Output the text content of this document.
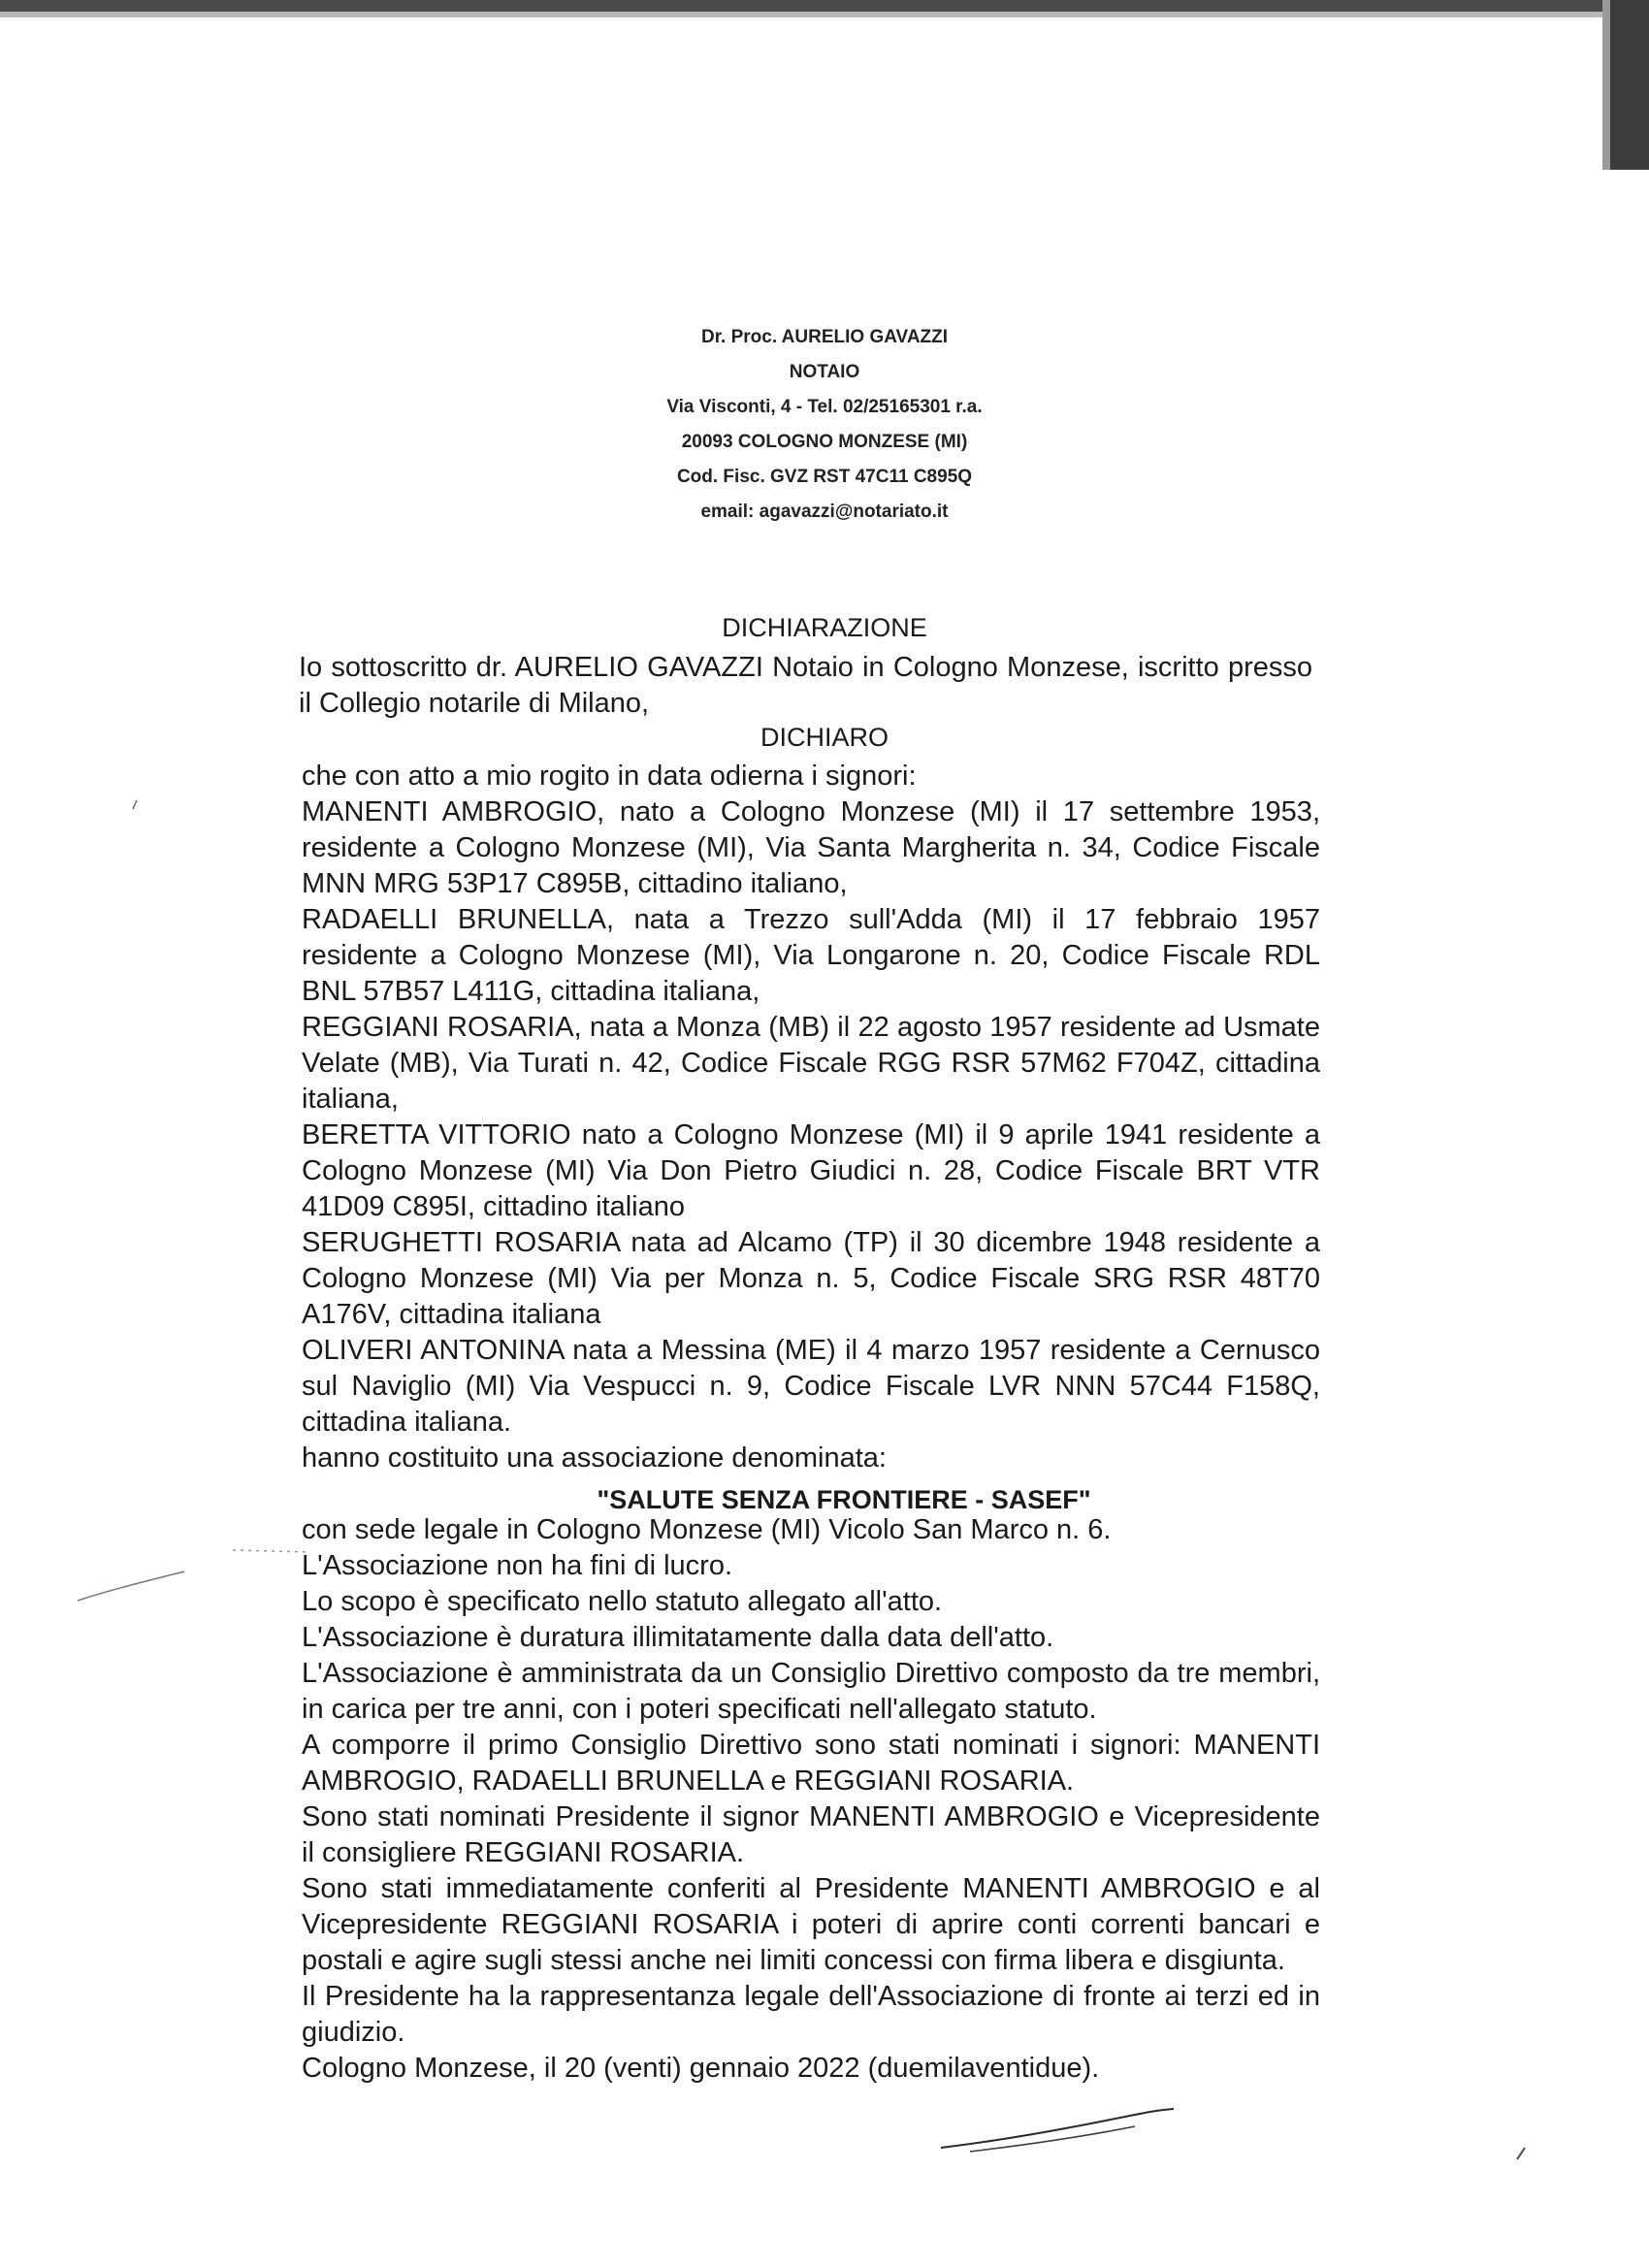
Dr. Proc. AURELIO GAVAZZI
NOTAIO
Via Visconti, 4 - Tel. 02/25165301 r.a.
20093 COLOGNO MONZESE (MI)
Cod. Fisc. GVZ RST 47C11 C895Q
email: agavazzi@notariato.it
DICHIARAZIONE

Io sottoscritto dr. AURELIO GAVAZZI Notaio in Cologno Monzese, iscritto presso il Collegio notarile di Milano,

DICHIARO

che con atto a mio rogito in data odierna i signori:

MANENTI AMBROGIO, nato a Cologno Monzese (MI) il 17 settembre 1953, residente a Cologno Monzese (MI), Via Santa Margherita n. 34, Codice Fiscale MNN MRG 53P17 C895B, cittadino italiano,

RADAELLI BRUNELLA, nata a Trezzo sull'Adda (MI) il 17 febbraio 1957 residente a Cologno Monzese (MI), Via Longarone n. 20, Codice Fiscale RDL BNL 57B57 L411G, cittadina italiana,

REGGIANI ROSARIA, nata a Monza (MB) il 22 agosto 1957 residente ad Usmate Velate (MB), Via Turati n. 42, Codice Fiscale RGG RSR 57M62 F704Z, cittadina italiana,

BERETTA VITTORIO nato a Cologno Monzese (MI) il 9 aprile 1941 residente a Cologno Monzese (MI) Via Don Pietro Giudici n. 28, Codice Fiscale BRT VTR 41D09 C895I, cittadino italiano

SERUGHETTI ROSARIA nata ad Alcamo (TP) il 30 dicembre 1948 residente a Cologno Monzese (MI) Via per Monza n. 5, Codice Fiscale SRG RSR 48T70 A176V, cittadina italiana

OLIVERI ANTONINA nata a Messina (ME) il 4 marzo 1957 residente a Cernusco sul Naviglio (MI) Via Vespucci n. 9, Codice Fiscale LVR NNN 57C44 F158Q, cittadina italiana.

hanno costituito una associazione denominata:

con sede legale in Cologno Monzese (MI) Vicolo San Marco n. 6.

L'Associazione non ha fini di lucro.

Lo scopo è specificato nello statuto allegato all'atto.

L'Associazione è duratura illimitatamente dalla data dell'atto.

L'Associazione è amministrata da un Consiglio Direttivo composto da tre membri, in carica per tre anni, con i poteri specificati nell'allegato statuto.

A comporre il primo Consiglio Direttivo sono stati nominati i signori: MANENTI AMBROGIO, RADAELLI BRUNELLA e REGGIANI ROSARIA.

Sono stati nominati Presidente il signor MANENTI AMBROGIO e Vicepresidente il consigliere REGGIANI ROSARIA.

Sono stati immediatamente conferiti al Presidente MANENTI AMBROGIO e al Vicepresidente REGGIANI ROSARIA i poteri di aprire conti correnti bancari e postali e agire sugli stessi anche nei limiti concessi con firma libera e disgiunta.

Il Presidente ha la rappresentanza legale dell'Associazione di fronte ai terzi ed in giudizio.

Cologno Monzese, il 20 (venti) gennaio 2022 (duemilaventidue).

"SALUTE SENZA FRONTIERE - SASEF"
